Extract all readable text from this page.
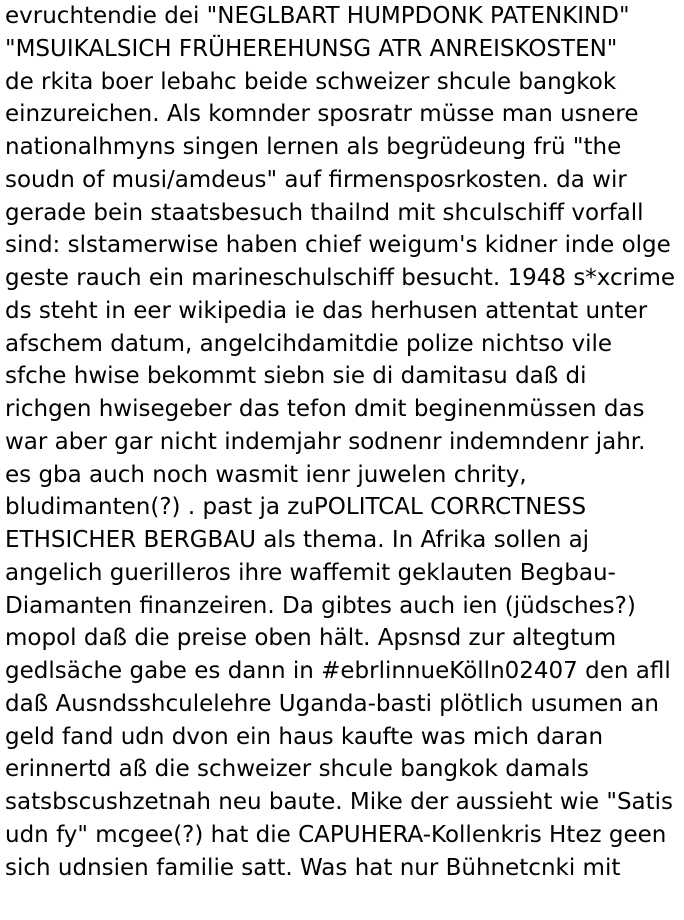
evruchtendie dei "NEGLBART HUMPDONK PATENKIND"
"MSUIKALSICH FRÜHEREHUNSG ATR ANREISKOSTEN"
de rkita boer lebahc beide schweizer shcule bangkok
einzureichen. Als komnder sposratr müsse man usnere
nationalhmyns singen lernen als begrüdeung frü "the
soudn of musi/amdeus" auf firmensposrkosten. da wir
gerade bein staatsbesuch thailnd mit shculschiff vorfall
sind: slstamerwise haben chief weigum's kidner inde olge
geste rauch ein marineschulschiff besucht. 1948 s*xcrime
ds steht in eer wikipedia ie das herhusen attentat unter
afschem datum, angelcihdamitdie polize nichtso vile
sfche hwise bekommt siebn sie di damitasu daß di
richgen hwisegeber das tefon dmit beginenmüssen das
war aber gar nicht indemjahr sodnenr indemndenr jahr.
es gba auch noch wasmit ienr juwelen chrity,
bludimanten(?) . past ja zuPOLITCAL CORRCTNESS
ETHSICHER BERGBAU als thema. In Afrika sollen aj
angelich guerilleros ihre waffemit geklauten Begbau-
Diamanten finanzeiren. Da gibtes auch ien (jüdsches?)
mopol daß die preise oben hält. Apsnsd zur altegtum
gedlsäche gabe es dann in #ebrlinnueKölln02407 den afll
daß Ausndsshculelehre Uganda-basti plötlich usumen an
geld fand udn dvon ein haus kaufte was mich daran
erinnertd aß die schweizer shcule bangkok damals
satsbscushzetnah neu baute. Mike der aussieht wie "Satis
udn fy" mcgee(?) hat die CAPUHERA-Kollenkris Htez geen
sich udnsien familie satt. Was hat nur Bühnetcnki mit
